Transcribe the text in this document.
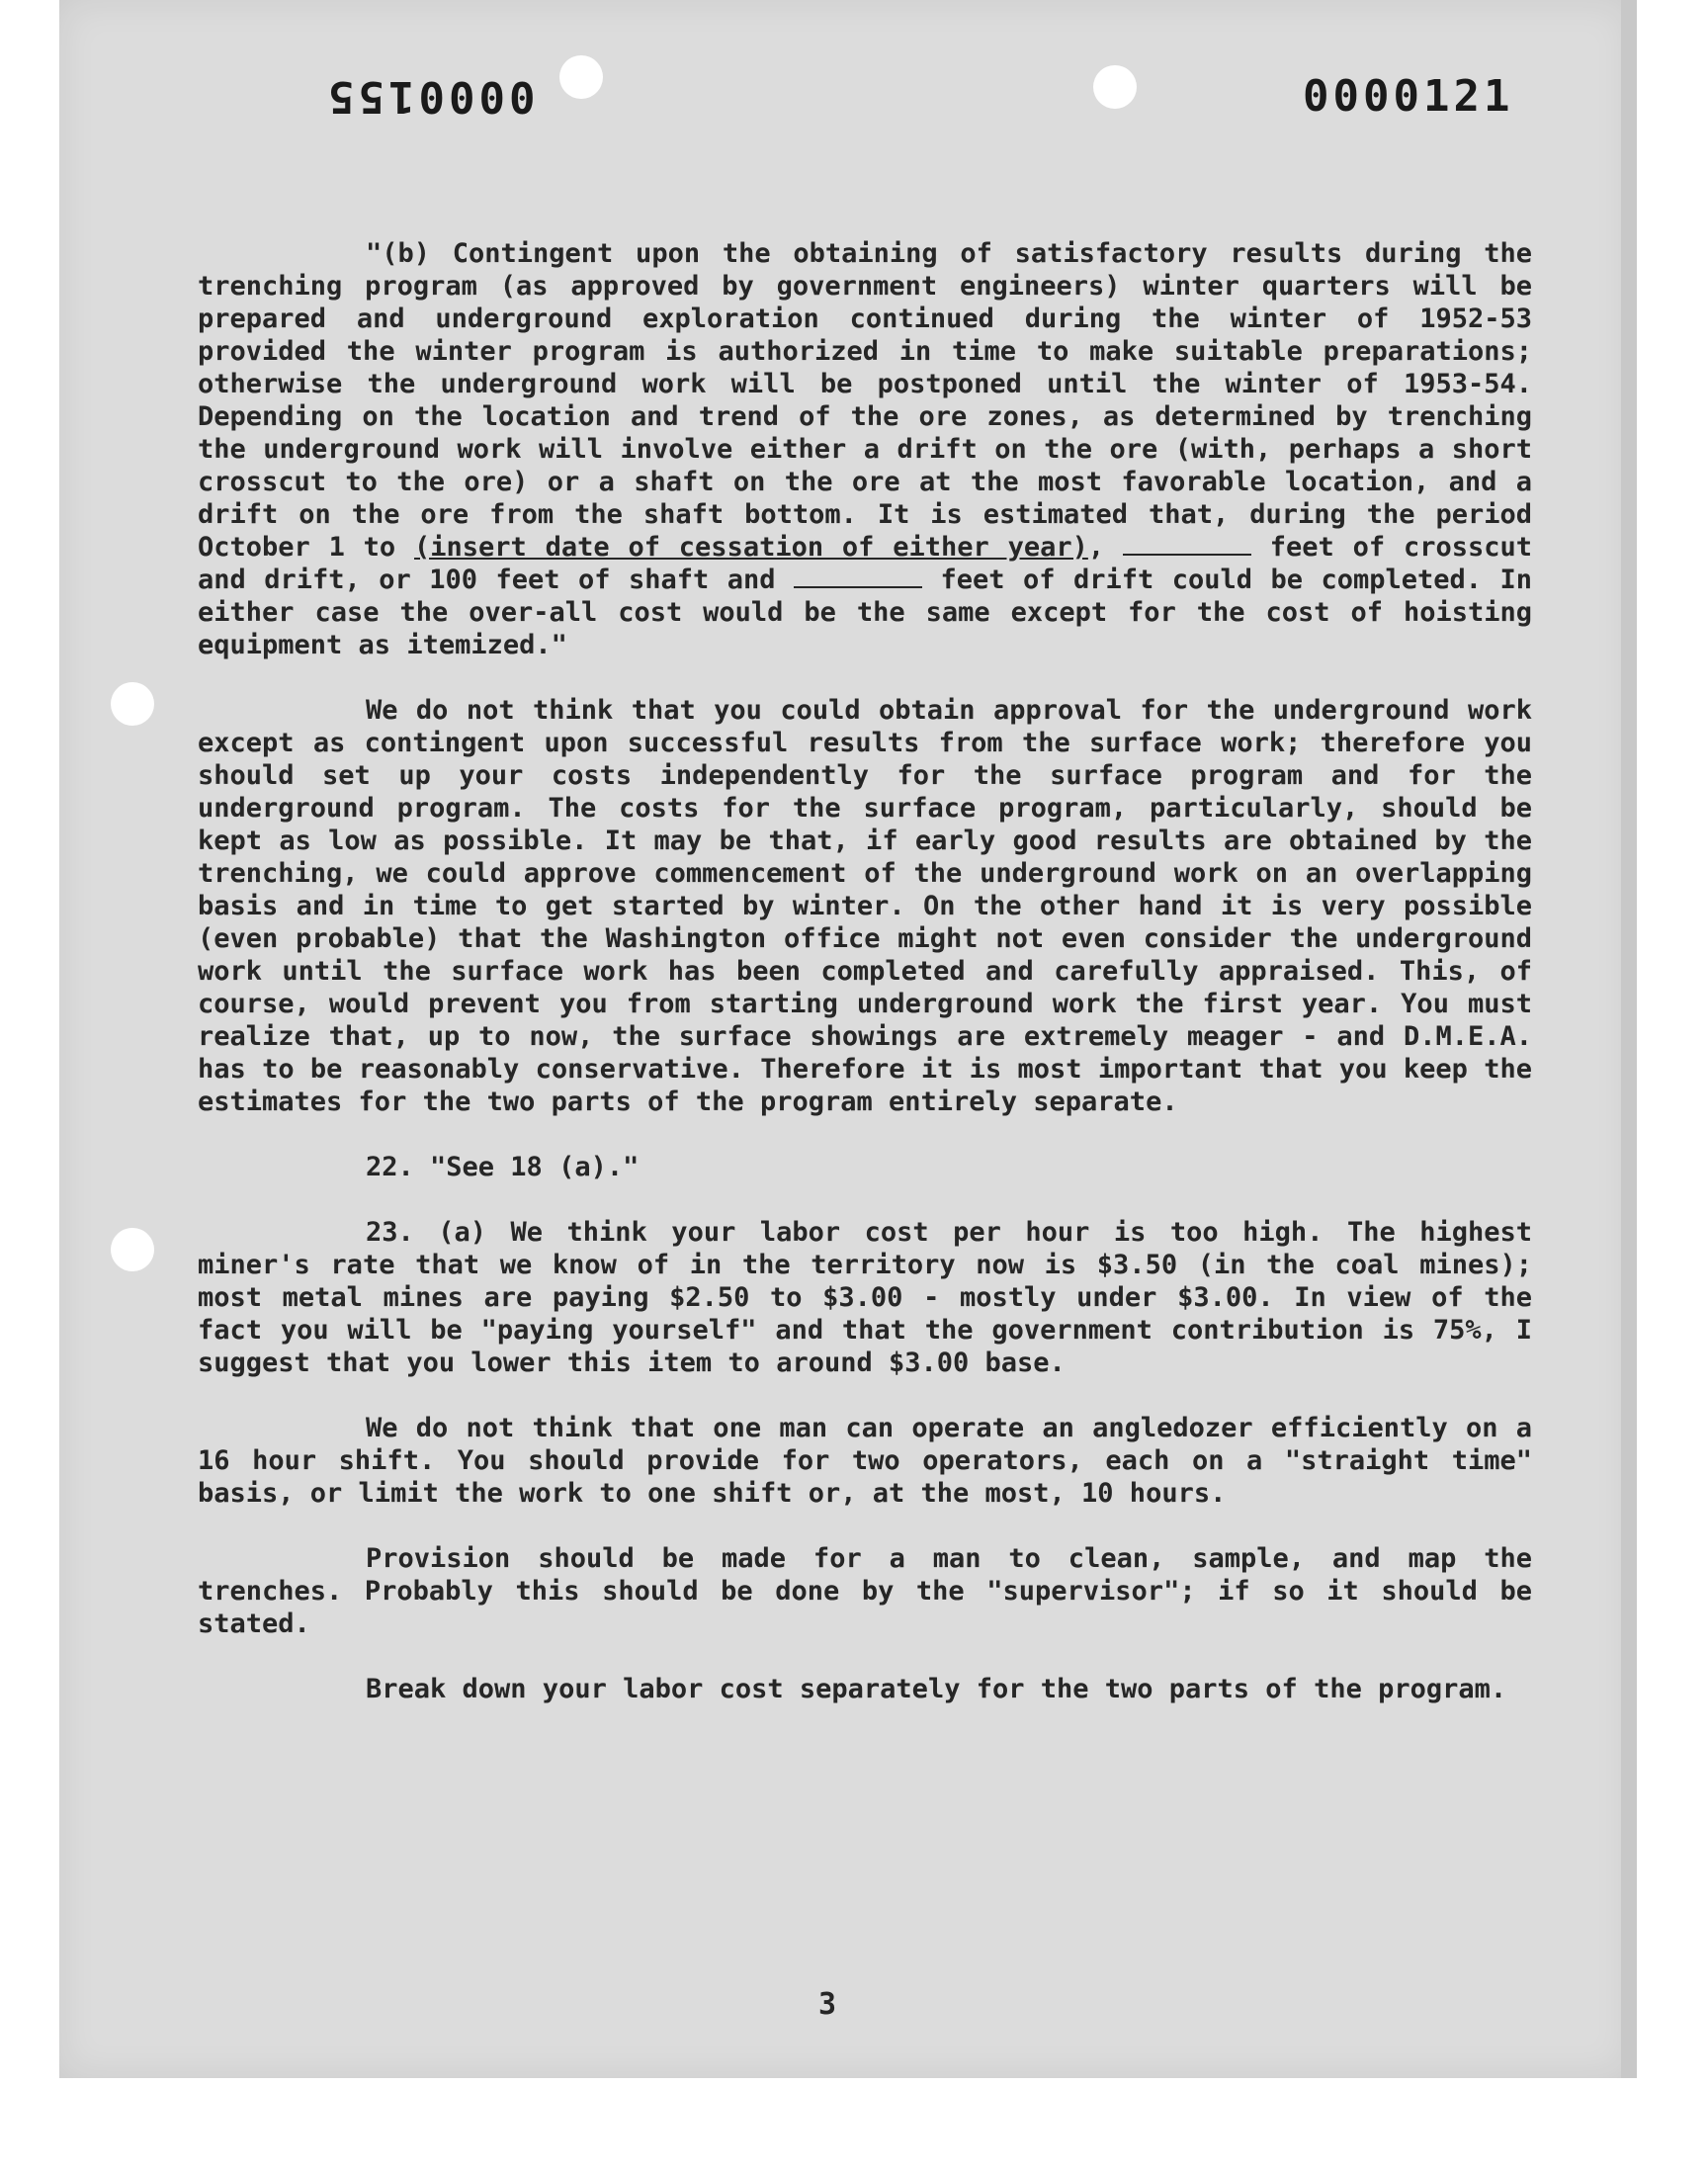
0000155	0000121

"(b) Contingent upon the obtaining of satisfactory results during the trenching program (as approved by government engineers) winter quarters will be prepared and underground exploration continued during the winter of 1952-53 provided the winter program is authorized in time to make suitable preparations; otherwise the underground work will be postponed until the winter of 1953-54. Depending on the location and trend of the ore zones, as determined by trenching the underground work will involve either a drift on the ore (with, perhaps a short crosscut to the ore) or a shaft on the ore at the most favorable location, and a drift on the ore from the shaft bottom. It is estimated that, during the period October 1 to (insert date of cessation of either year),	feet of crosscut and drift, or 100 feet of shaft and	feet of drift could be completed. In either case the over-all cost would be the same except for the cost of hoisting equipment as itemized."

We do not think that you could obtain approval for the underground work except as contingent upon successful results from the surface work; therefore you should set up your costs independently for the surface program and for the underground program. The costs for the surface program, particularly, should be kept as low as possible. It may be that, if early good results are obtained by the trenching, we could approve commencement of the underground work on an overlapping basis and in time to get started by winter. On the other hand it is very possible (even probable) that the Washington office might not even consider the underground work until the surface work has been completed and carefully appraised. This, of course, would prevent you from starting underground work the first year. You must realize that, up to now, the surface showings are extremely meager - and D.M.E.A. has to be reasonably conservative. Therefore it is most important that you keep the estimates for the two parts of the program entirely separate.

22. "See 18 (a)."

23. (a) We think your labor cost per hour is too high. The highest miner's rate that we know of in the territory now is $3.50 (in the coal mines); most metal mines are paying $2.50 to $3.00 - mostly under $3.00. In view of the fact you will be "paying yourself" and that the government contribution is 75%, I suggest that you lower this item to around $3.00 base.

We do not think that one man can operate an angledozer efficiently on a 16 hour shift. You should provide for two operators, each on a "straight time" basis, or limit the work to one shift or, at the most, 10 hours.

Provision should be made for a man to clean, sample, and map the trenches. Probably this should be done by the "supervisor"; if so it should be stated.

Break down your labor cost separately for the two parts of the program.

3
